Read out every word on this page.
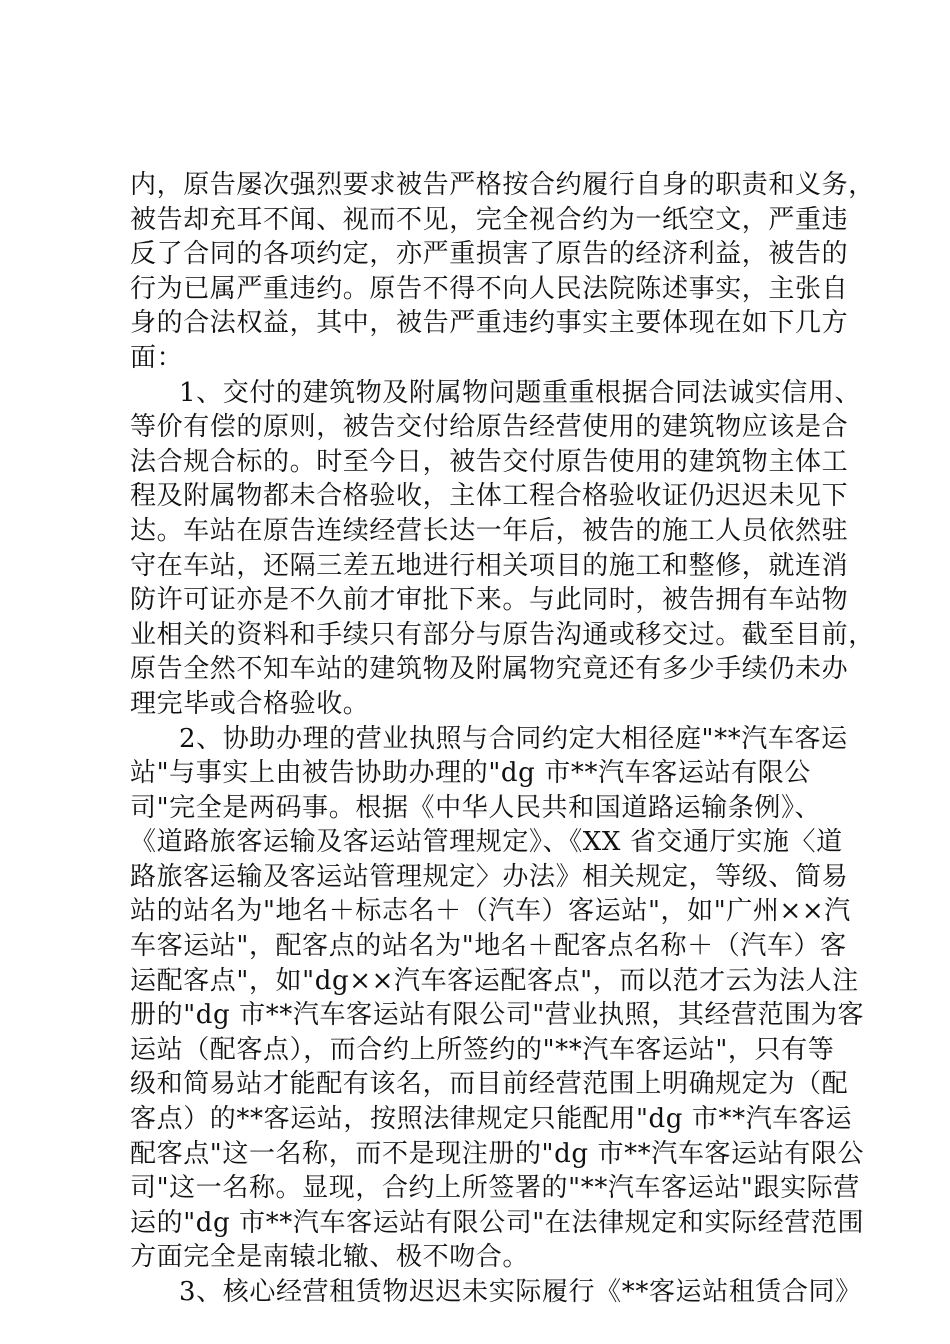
内，原告屡次强烈要求被告严格按合约履行自身的职责和义务，
被告却充耳不闻、视而不见，完全视合约为一纸空文，严重违
反了合同的各项约定，亦严重损害了原告的经济利益，被告的
行为已属严重违约。原告不得不向人民法院陈述事实，主张自
身的合法权益，其中，被告严重违约事实主要体现在如下几方
面：
1、交付的建筑物及附属物问题重重根据合同法诚实信用、
等价有偿的原则，被告交付给原告经营使用的建筑物应该是合
法合规合标的。时至今日，被告交付原告使用的建筑物主体工
程及附属物都未合格验收，主体工程合格验收证仍迟迟未见下
达。车站在原告连续经营长达一年后，被告的施工人员依然驻
守在车站，还隔三差五地进行相关项目的施工和整修，就连消
防许可证亦是不久前才审批下来。与此同时，被告拥有车站物
业相关的资料和手续只有部分与原告沟通或移交过。截至目前，
原告全然不知车站的建筑物及附属物究竟还有多少手续仍未办
理完毕或合格验收。
2、协助办理的营业执照与合同约定大相径庭"**汽车客运
站"与事实上由被告协助办理的"dg 市**汽车客运站有限公
司"完全是两码事。根据《中华人民共和国道路运输条例》、
《道路旅客运输及客运站管理规定》、《XX 省交通厅实施〈道
路旅客运输及客运站管理规定〉办法》相关规定，等级、简易
站的站名为"地名＋标志名＋（汽车）客运站"，如"广州××汽
车客运站"，配客点的站名为"地名＋配客点名称＋（汽车）客
运配客点"，如"dg××汽车客运配客点"，而以范才云为法人注
册的"dg 市**汽车客运站有限公司"营业执照，其经营范围为客
运站（配客点），而合约上所签约的"**汽车客运站"，只有等
级和简易站才能配有该名，而目前经营范围上明确规定为（配
客点）的**客运站，按照法律规定只能配用"dg 市**汽车客运
配客点"这一名称，而不是现注册的"dg 市**汽车客运站有限公
司"这一名称。显现，合约上所签署的"**汽车客运站"跟实际营
运的"dg 市**汽车客运站有限公司"在法律规定和实际经营范围
方面完全是南辕北辙、极不吻合。
3、核心经营租赁物迟迟未实际履行《**客运站租赁合同》
